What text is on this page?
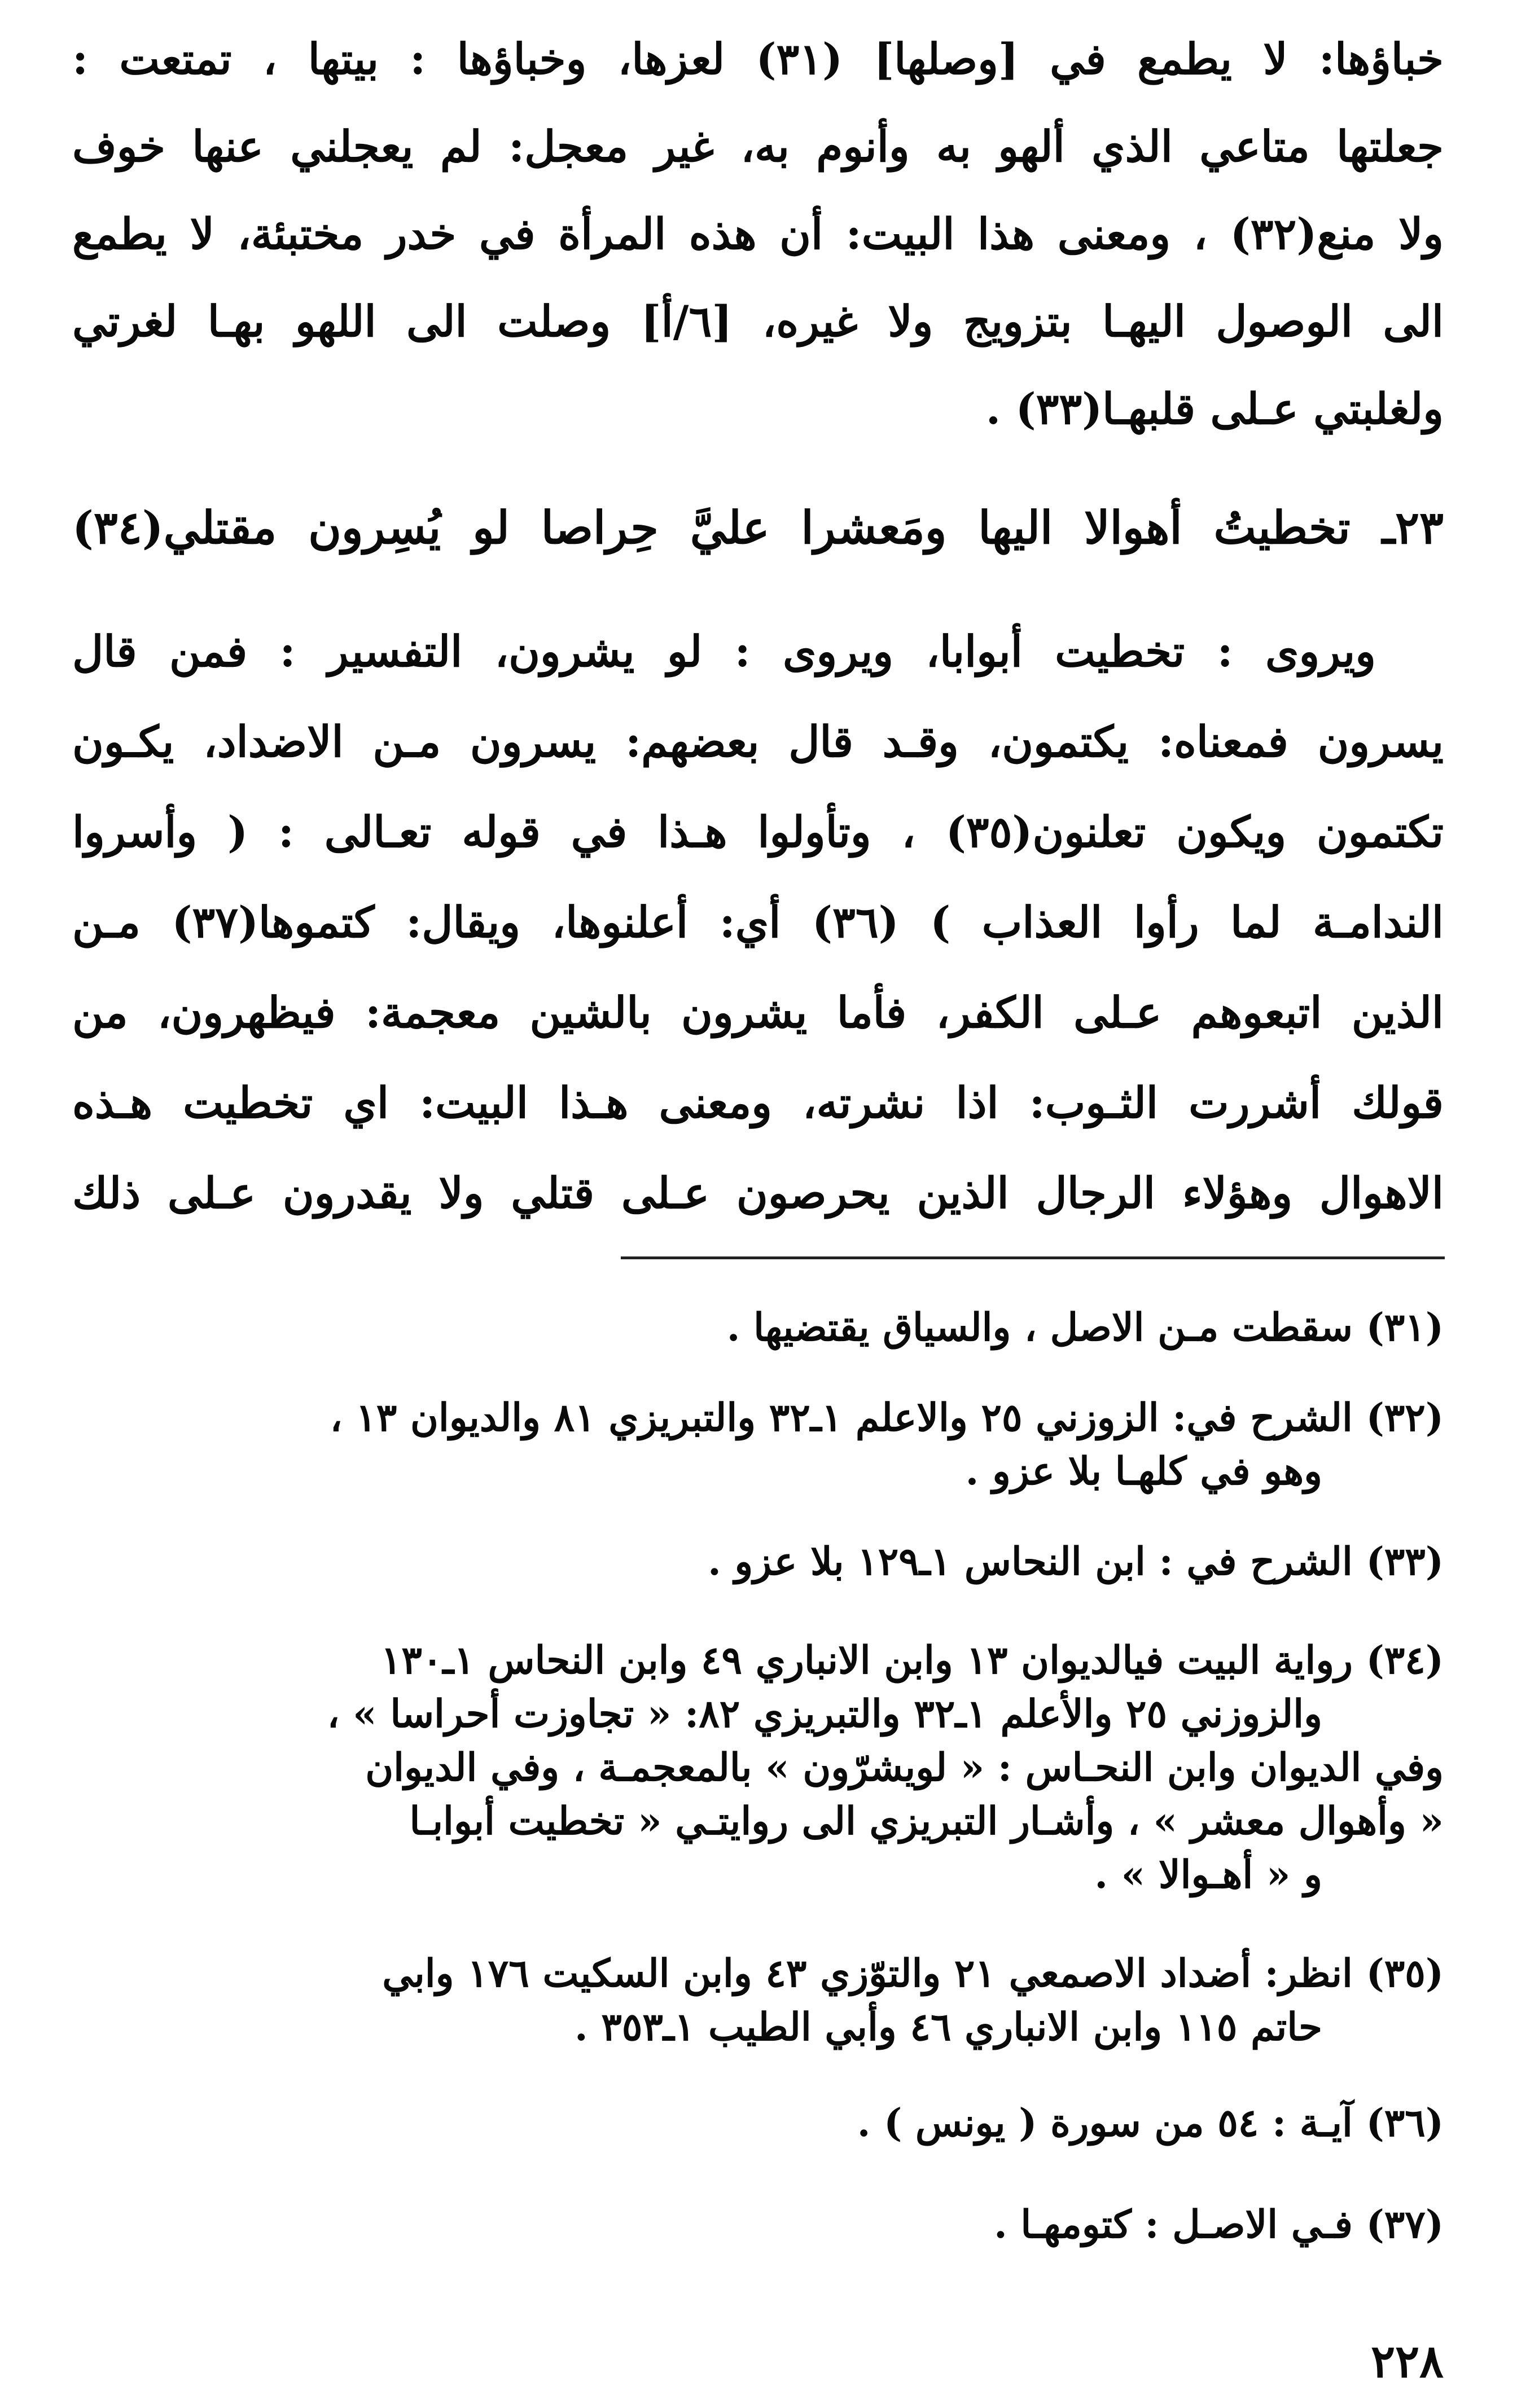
خباؤها: لا يطمع في [وصلها] (٣١) لعزها، وخباؤها : بيتها ، تمتعت :
جعلتها متاعي الذي ألهو به وأنوم به، غير معجل: لم يعجلني عنها خوف
ولا منع(٣٢) ، ومعنى هذا البيت: أن هذه المرأة في خدر مختبئة، لا يطمع
الى الوصول اليهـا بتزويج ولا غيره، [٦/أ] وصلت الى اللهو بهـا لغرتي
ولغلبتي عـلى قلبهـا(٣٣) .
٢٣ـ تخطيتُ أهوالا اليها ومَعشرا عليَّ حِراصا لو يُسِرون مقتلي(٣٤)
ويروى : تخطيت أبوابا، ويروى : لو يشرون، التفسير : فمن قال
يسرون فمعناه: يكتمون، وقـد قال بعضهم: يسرون مـن الاضداد، يكـون
تكتمون ويكون تعلنون(٣٥) ، وتأولوا هـذا في قوله تعـالى : ( وأسروا
الندامـة لما رأوا العذاب ) (٣٦) أي: أعلنوها، ويقال: كتموها(٣٧) مـن
الذين اتبعوهم عـلى الكفر، فأما يشرون بالشين معجمة: فيظهرون، من
قولك أشررت الثـوب: اذا نشرته، ومعنى هـذا البيت: اي تخطيت هـذه
الاهوال وهؤلاء الرجال الذين يحرصون عـلى قتلي ولا يقدرون عـلى ذلك
(٣١) سقطت مـن الاصل ، والسياق يقتضيها .
(٣٢) الشرح في: الزوزني ٢٥ والاعلم ١ـ٣٢ والتبريزي ٨١ والديوان ١٣ ،
وهو في كلهـا بلا عزو .
(٣٣) الشرح في : ابن النحاس ١ـ١٢٩ بلا عزو .
(٣٤) رواية البيت فيالديوان ١٣ وابن الانباري ٤٩ وابن النحاس ١ـ١٣٠
والزوزني ٢٥ والأعلم ١ـ٣٢ والتبريزي ٨٢: « تجاوزت أحراسا » ،
وفي الديوان وابن النحـاس : « لويشرّون » بالمعجمـة ، وفي الديوان
« وأهوال معشر » ، وأشـار التبريزي الى روايتـي « تخطيت أبوابـا
و « أهـوالا » .
(٣٥) انظر: أضداد الاصمعي ٢١ والتوّزي ٤٣ وابن السكيت ١٧٦ وابي
حاتم ١١٥ وابن الانباري ٤٦ وأبي الطيب ١ـ٣٥٣ .
(٣٦) آيـة : ٥٤ من سورة ( يونس ) .
(٣٧) فـي الاصـل : كتومهـا .
٢٢٨
